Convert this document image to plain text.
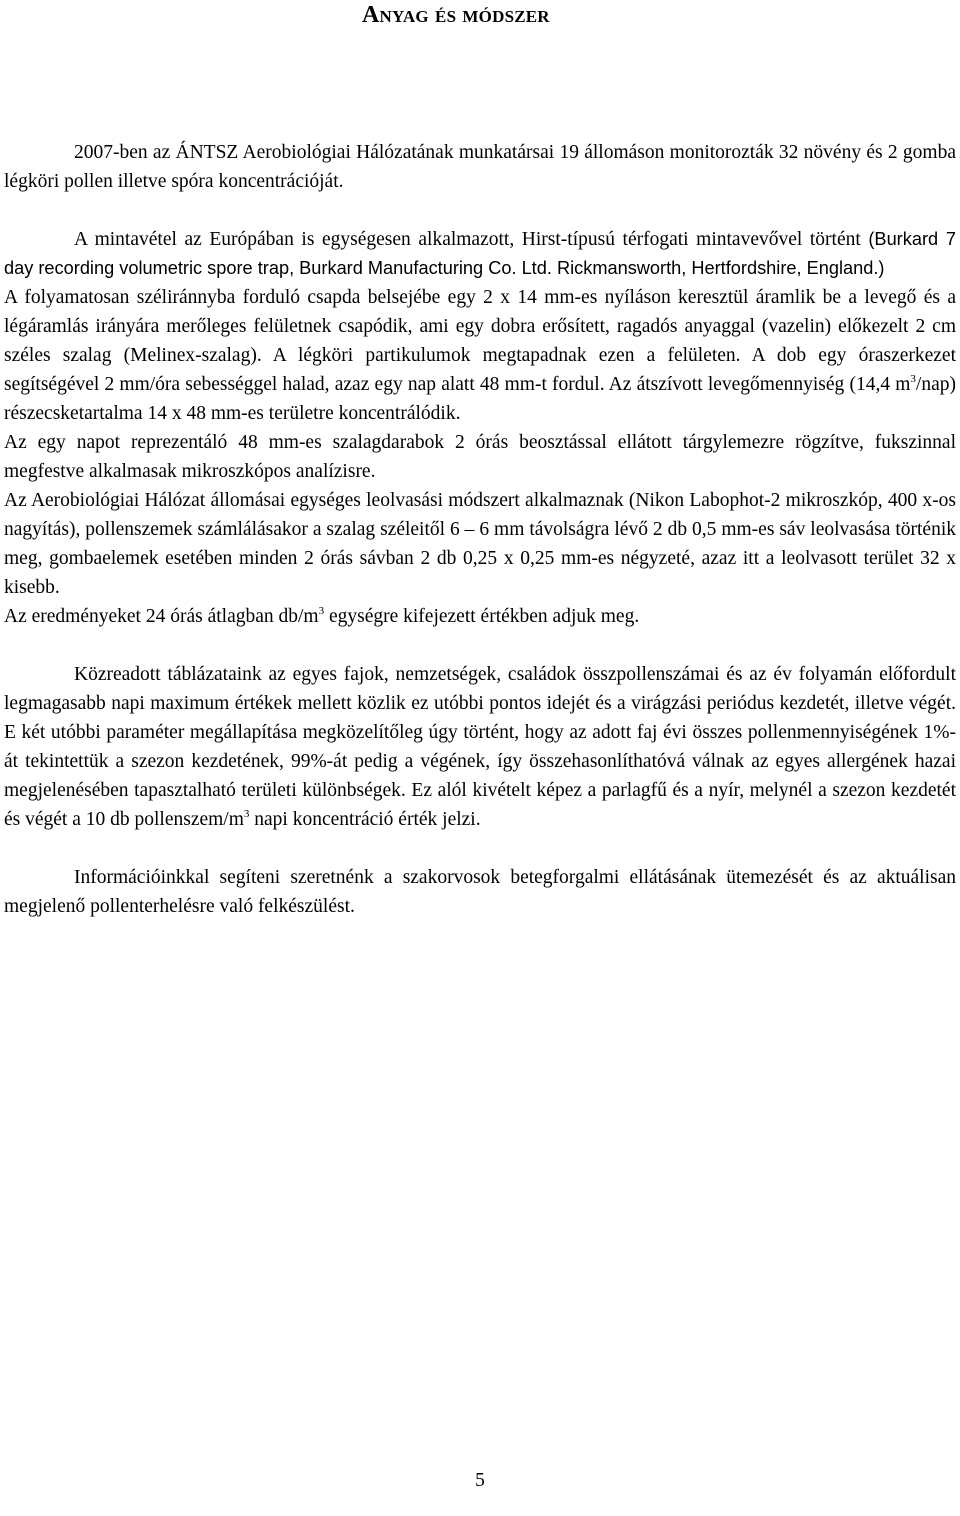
Anyag és módszer

2007-ben az ÁNTSZ Aerobiológiai Hálózatának munkatársai 19 állomáson monitorozták 32 növény és 2 gomba légköri pollen illetve spóra koncentrációját.

A mintavétel az Európában is egységesen alkalmazott, Hirst-típusú térfogati mintavevővel történt (Burkard 7 day recording volumetric spore trap, Burkard Manufacturing Co. Ltd. Rickmansworth, Hertfordshire, England.)

A folyamatosan széliránnyba forduló csapda belsejébe egy 2 x 14 mm-es nyíláson keresztül áramlik be a levegő és a légáramlás irányára merőleges felületnek csapódik, ami egy dobra erősített, ragadós anyaggal (vazelin) előkezelt 2 cm széles szalag (Melinex-szalag). A légköri partikulumok megtapadnak ezen a felületen. A dob egy óraszerkezet segítségével 2 mm/óra sebességgel halad, azaz egy nap alatt 48 mm-t fordul. Az átszívott levegőmennyiség (14,4 $m^3/nap$) részecsketartalma 14 x 48 mm-es területre koncentrálódik.

Az egy napot reprezentáló 48 mm-es szalagdarabok 2 órás beosztással ellátott tárgylemezre rögzítve, fukszinnal megfestve alkalmasak mikroszkópos analízisre.

Az Aerobiológiai Hálózat állomásai egységes leolvasási módszert alkalmaznak (Nikon Labophot-2 mikroszkóp, 400 x-os nagyítás), pollenszemek számlálásakor a szalag széleitől 6 – 6 mm távolságra lévő 2 db 0,5 mm-es sáv leolvasása történik meg, gombaelemek esetében minden 2 órás sávban 2 db 0,25 x 0,25 mm-es négyzeté, azaz itt a leolvasott terület 32 x kisebb.

Az eredményeket 24 órás átlagban $db/m^3$ egységre kifejezett értékben adjuk meg.

Közreadott táblázataink az egyes fajok, nemzetségek, családok összpollenszámai és az év folyamán előfordult legmagasabb napi maximum értékek mellett közlik ez utóbbi pontos idejét és a virágzási periódus kezdetét, illetve végét. E két utóbbi paraméter megállapítása megközelítőleg úgy történt, hogy az adott faj évi összes pollenmennyiségének 1%-át tekintettük a szezon kezdetének, 99%-át pedig a végének, így összehasonlíthatóvá válnak az egyes allergének hazai megjelenésében tapasztalható területi különbségek. Ez alól kivételt képez a parlagfű és a nyír, melynél a szezon kezdetét és végét a 10 db pollenszem/$m^3$ napi koncentráció érték jelzi.

Információinkkal segíteni szeretnénk a szakorvosok betegforgalmi ellátásának ütemezését és az aktuálisan megjelenő pollenterhelésre való felkészülést.

5
